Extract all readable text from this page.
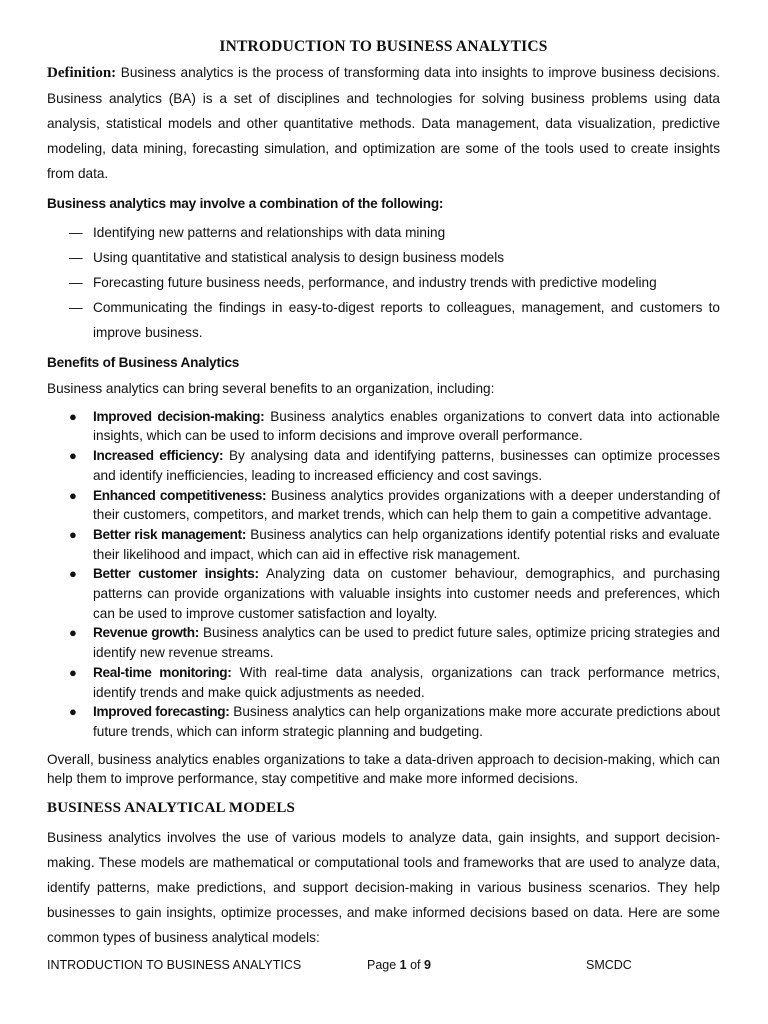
INTRODUCTION TO BUSINESS ANALYTICS

Definition: Business analytics is the process of transforming data into insights to improve business decisions. Business analytics (BA) is a set of disciplines and technologies for solving business problems using data analysis, statistical models and other quantitative methods. Data management, data visualization, predictive modeling, data mining, forecasting simulation, and optimization are some of the tools used to create insights from data.

Business analytics may involve a combination of the following:

— Identifying new patterns and relationships with data mining
— Using quantitative and statistical analysis to design business models
— Forecasting future business needs, performance, and industry trends with predictive modeling
— Communicating the findings in easy-to-digest reports to colleagues, management, and customers to improve business.

Benefits of Business Analytics

Business analytics can bring several benefits to an organization, including:

● Improved decision-making: Business analytics enables organizations to convert data into actionable insights, which can be used to inform decisions and improve overall performance.
● Increased efficiency: By analysing data and identifying patterns, businesses can optimize processes and identify inefficiencies, leading to increased efficiency and cost savings.
● Enhanced competitiveness: Business analytics provides organizations with a deeper understanding of their customers, competitors, and market trends, which can help them to gain a competitive advantage.
● Better risk management: Business analytics can help organizations identify potential risks and evaluate their likelihood and impact, which can aid in effective risk management.
● Better customer insights: Analyzing data on customer behaviour, demographics, and purchasing patterns can provide organizations with valuable insights into customer needs and preferences, which can be used to improve customer satisfaction and loyalty.
● Revenue growth: Business analytics can be used to predict future sales, optimize pricing strategies and identify new revenue streams.
● Real-time monitoring: With real-time data analysis, organizations can track performance metrics, identify trends and make quick adjustments as needed.
● Improved forecasting: Business analytics can help organizations make more accurate predictions about future trends, which can inform strategic planning and budgeting.

Overall, business analytics enables organizations to take a data-driven approach to decision-making, which can help them to improve performance, stay competitive and make more informed decisions.

BUSINESS ANALYTICAL MODELS

Business analytics involves the use of various models to analyze data, gain insights, and support decision-making. These models are mathematical or computational tools and frameworks that are used to analyze data, identify patterns, make predictions, and support decision-making in various business scenarios. They help businesses to gain insights, optimize processes, and make informed decisions based on data. Here are some common types of business analytical models:

INTRODUCTION TO BUSINESS ANALYTICS	Page 1 of 9	SMCDC
